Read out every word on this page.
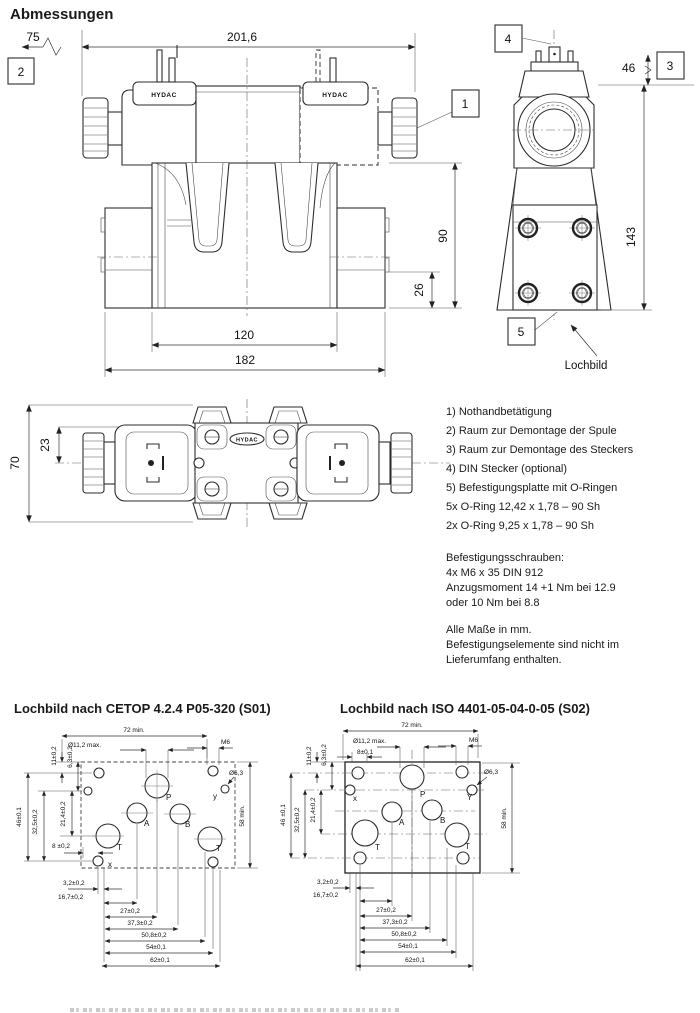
Abmessungen
75
2
201,6
HYDAC	HYDAC
1
90
26
120
182
4
46	3
143
5
Lochbild
70
23	HYDAC
1) Nothandbetätigung
2) Raum zur Demontage der Spule
3) Raum zur Demontage des Steckers
4) DIN Stecker (optional)
5) Befestigungsplatte mit O-Ringen
5x O-Ring 12,42 x 1,78 – 90 Sh
2x O-Ring 9,25 x 1,78 – 90 Sh
Befestigungsschrauben:
4x M6 x 35 DIN 912
Anzugsmoment 14 +1 Nm bei 12.9
oder 10 Nm bei 8.8
Alle Maße in mm.
Befestigungselemente sind nicht im
Lieferumfang enthalten.
Lochbild nach CETOP 4.2.4 P05-320 (S01)	Lochbild nach ISO 4401-05-04-0-05 (S02)
72 min.
Ø11,2 max.	M6
Ø6,3
58 min.
46±0,1 32,5±0,2	21,4±0,2
11±0,2 6,3±0,2
8 ±0,2
P
A	B
T	T
x
y
3,2±0,2
16,7±0,2
27±0,2
37,3±0,2
50,8±0,2
54±0,1
62±0,1
72 min.
Ø11,2 max.	M6
8±0,1
Ø6,3
58 min.
11±0,2 6,3±0,2
21,4±0,2
32,5±0,2
46 ±0,1
P
A	B
T	T
x	Y
3,2±0,2
16,7±0,2
27±0,2
37,3±0,2
50,8±0,2
54±0,1
62±0,1
